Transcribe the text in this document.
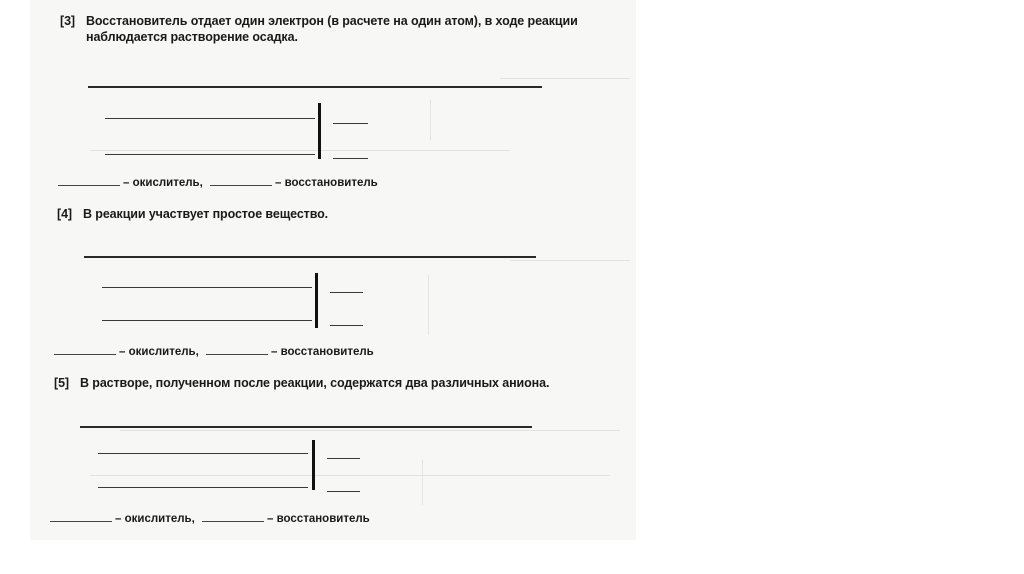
[3] Восстановитель отдает один электрон (в расчете на один атом), в ходе реакции наблюдается растворение осадка.
– окислитель,	– восстановитель
[4] В реакции участвует простое вещество.
– окислитель,	– восстановитель
[5] В растворе, полученном после реакции, содержатся два различных аниона.
– окислитель,	– восстановитель
